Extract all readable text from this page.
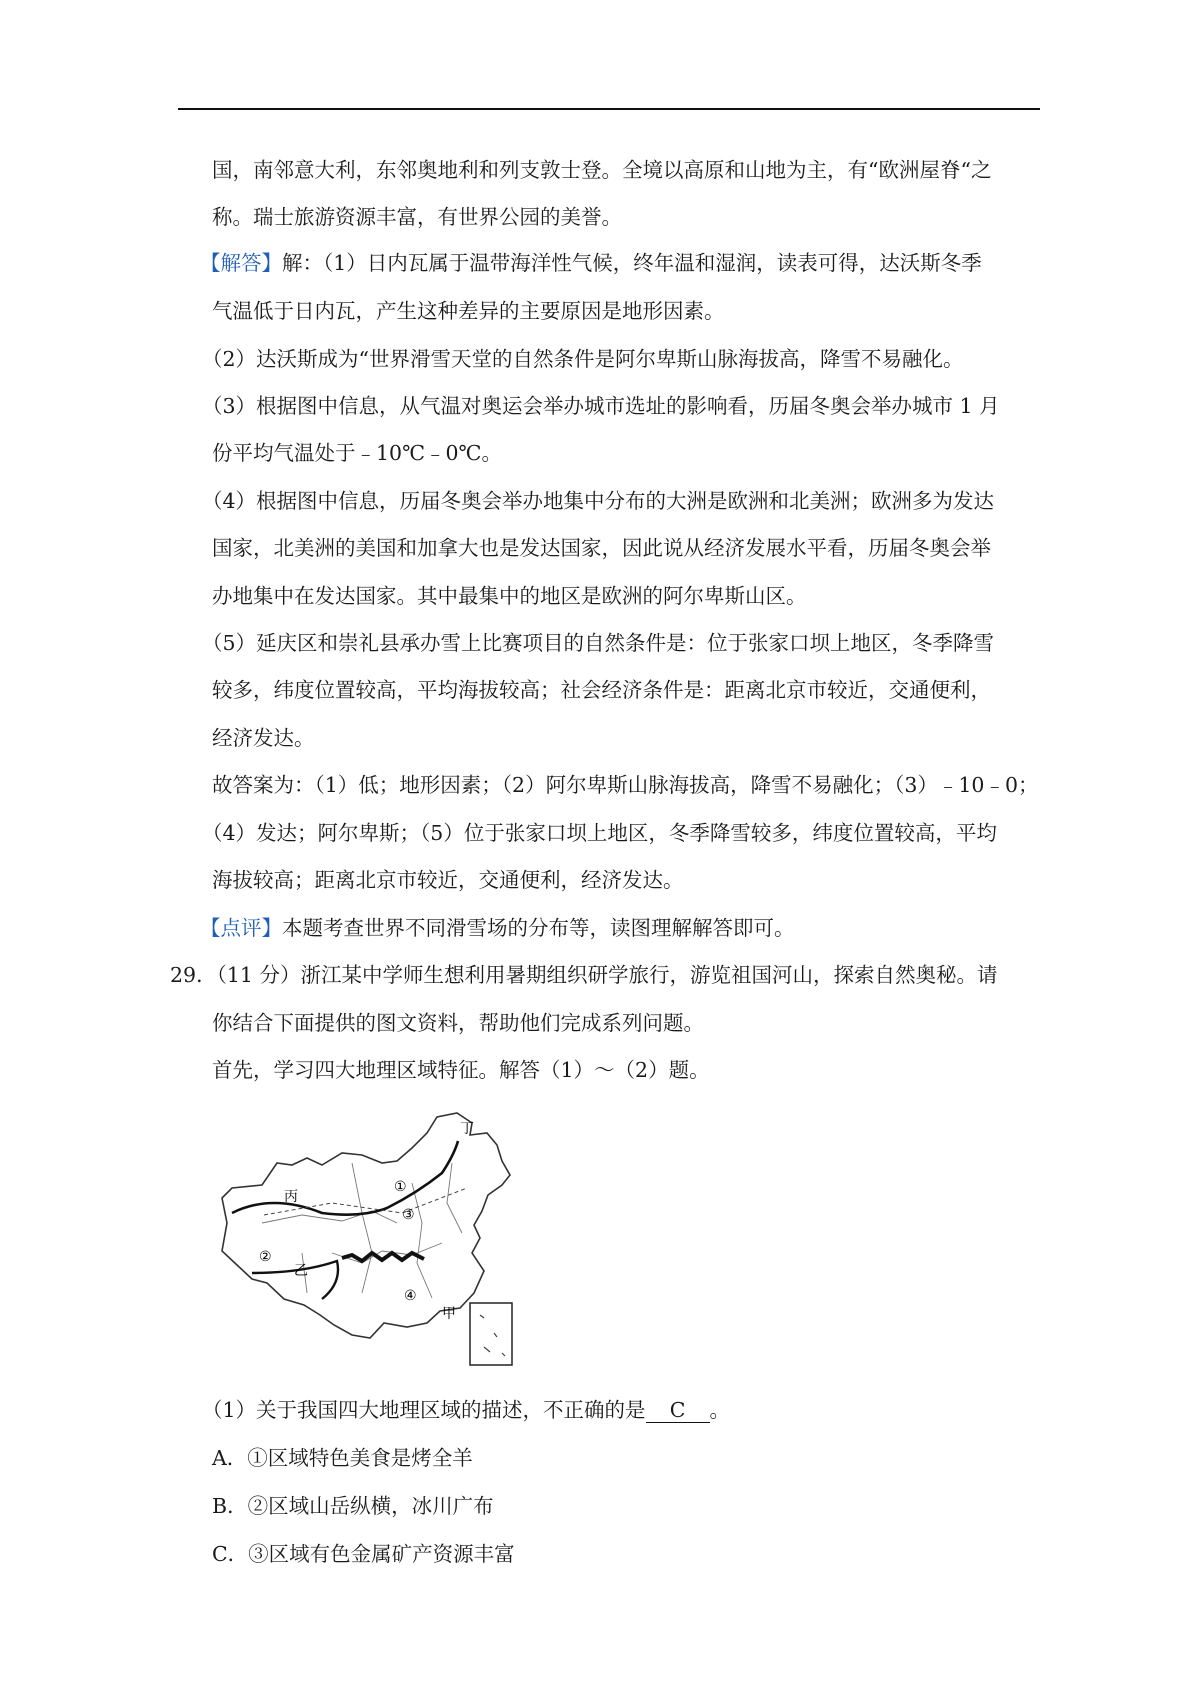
国，南邻意大利，东邻奥地利和列支敦士登。全境以高原和山地为主，有“欧洲屋脊“之
称。瑞士旅游资源丰富，有世界公园的美誉。
【解答】解：（1）日内瓦属于温带海洋性气候，终年温和湿润，读表可得，达沃斯冬季
气温低于日内瓦，产生这种差异的主要原因是地形因素。
（2）达沃斯成为“世界滑雪天堂的自然条件是阿尔卑斯山脉海拔高，降雪不易融化。
（3）根据图中信息，从气温对奥运会举办城市选址的影响看，历届冬奥会举办城市 1 月
份平均气温处于﹣10℃﹣0℃。
（4）根据图中信息，历届冬奥会举办地集中分布的大洲是欧洲和北美洲；欧洲多为发达
国家，北美洲的美国和加拿大也是发达国家，因此说从经济发展水平看，历届冬奥会举
办地集中在发达国家。其中最集中的地区是欧洲的阿尔卑斯山区。
（5）延庆区和崇礼县承办雪上比赛项目的自然条件是：位于张家口坝上地区，冬季降雪
较多，纬度位置较高，平均海拔较高；社会经济条件是：距离北京市较近，交通便利，
经济发达。
故答案为：（1）低；地形因素；（2）阿尔卑斯山脉海拔高，降雪不易融化；（3）﹣10﹣0；
（4）发达；阿尔卑斯；（5）位于张家口坝上地区，冬季降雪较多，纬度位置较高，平均
海拔较高；距离北京市较近，交通便利，经济发达。
【点评】本题考查世界不同滑雪场的分布等，读图理解解答即可。
29．（11 分）浙江某中学师生想利用暑期组织研学旅行，游览祖国河山，探索自然奥秘。请
你结合下面提供的图文资料，帮助他们完成系列问题。
首先，学习四大地理区域特征。解答（1）～（2）题。
丁
丙
①
②
③
乙
④
甲
（1）关于我国四大地理区域的描述，不正确的是 C 。
A．①区域特色美食是烤全羊
B．②区域山岳纵横，冰川广布
C．③区域有色金属矿产资源丰富
